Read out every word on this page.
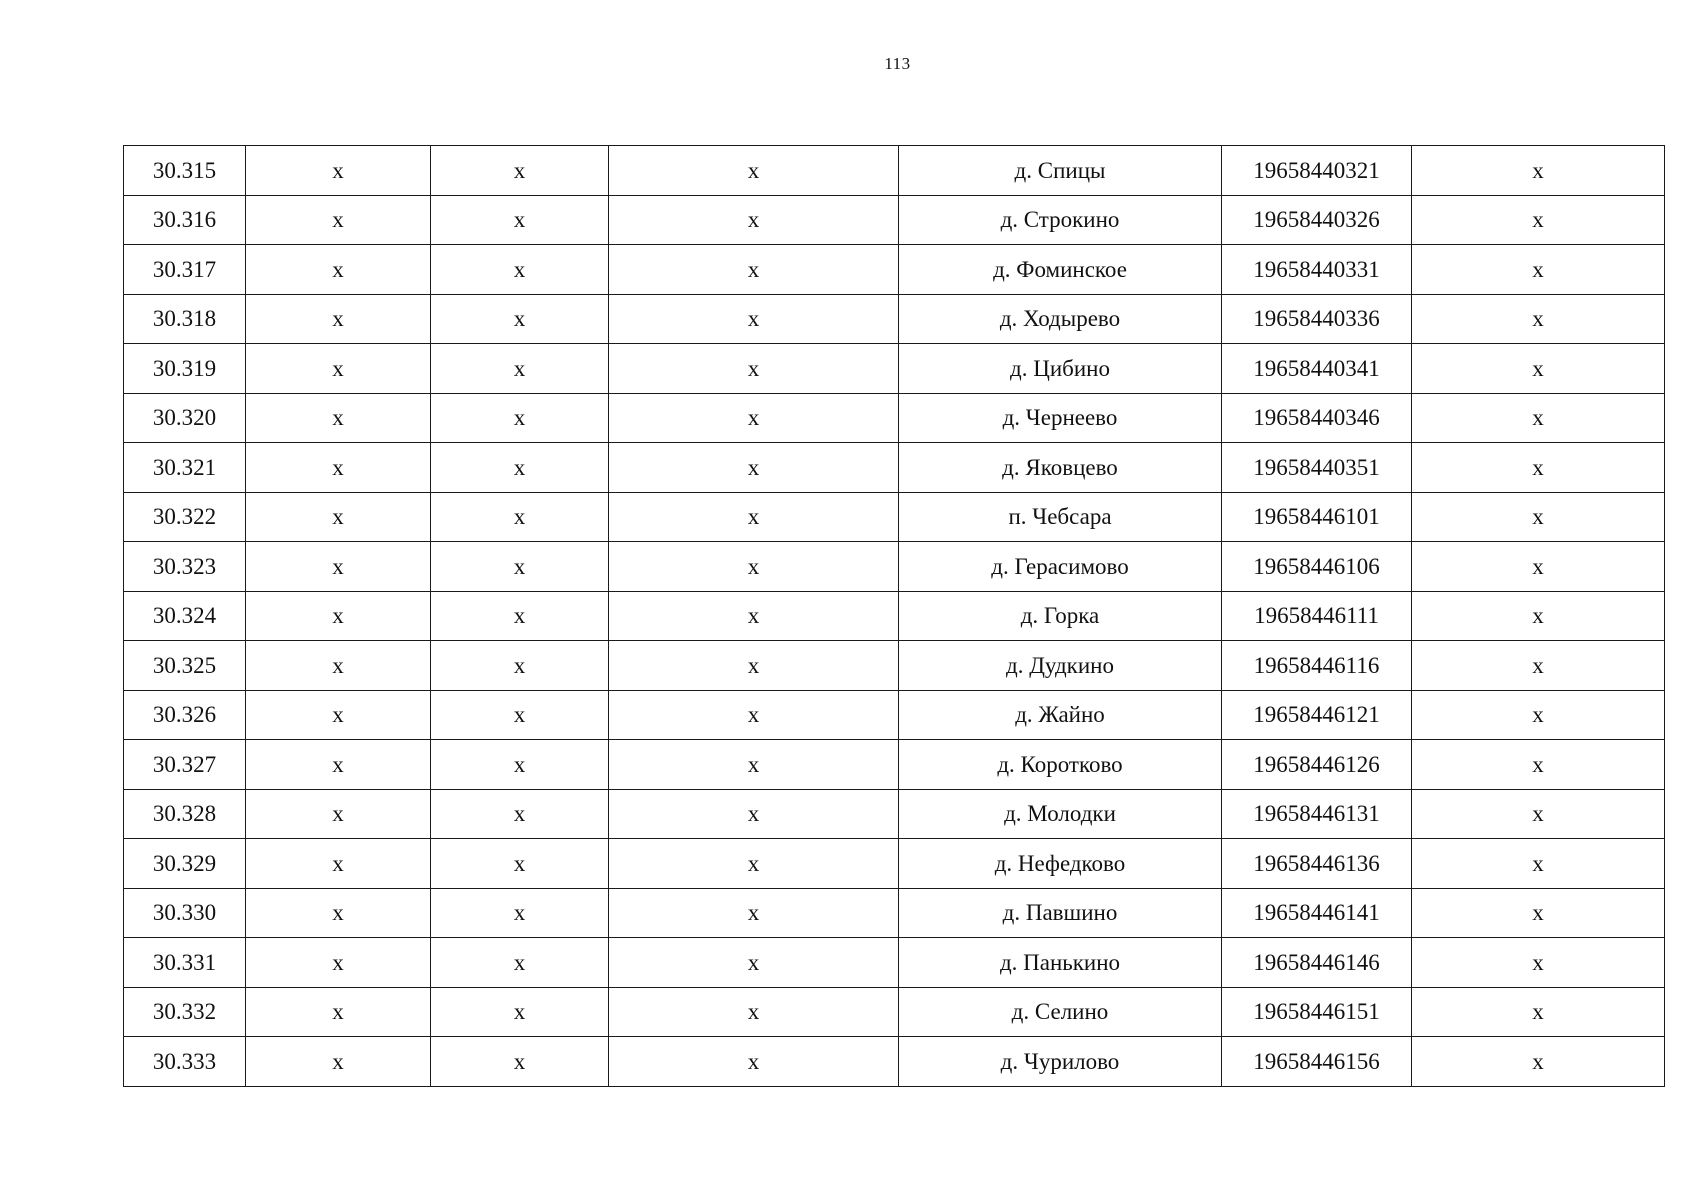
113
30.315	х	х	х	д. Спицы	19658440321	х
30.316	х	х	х	д. Строкино	19658440326	х
30.317	х	х	х	д. Фоминское	19658440331	х
30.318	х	х	х	д. Ходырево	19658440336	х
30.319	х	х	х	д. Цибино	19658440341	х
30.320	х	х	х	д. Чернеево	19658440346	х
30.321	х	х	х	д. Яковцево	19658440351	х
30.322	х	х	х	п. Чебсара	19658446101	х
30.323	х	х	х	д. Герасимово	19658446106	х
30.324	х	х	х	д. Горка	19658446111	х
30.325	х	х	х	д. Дудкино	19658446116	х
30.326	х	х	х	д. Жайно	19658446121	х
30.327	х	х	х	д. Коротково	19658446126	х
30.328	х	х	х	д. Молодки	19658446131	х
30.329	х	х	х	д. Нефедково	19658446136	х
30.330	х	х	х	д. Павшино	19658446141	х
30.331	х	х	х	д. Панькино	19658446146	х
30.332	х	х	х	д. Селино	19658446151	х
30.333	х	х	х	д. Чурилово	19658446156	х
